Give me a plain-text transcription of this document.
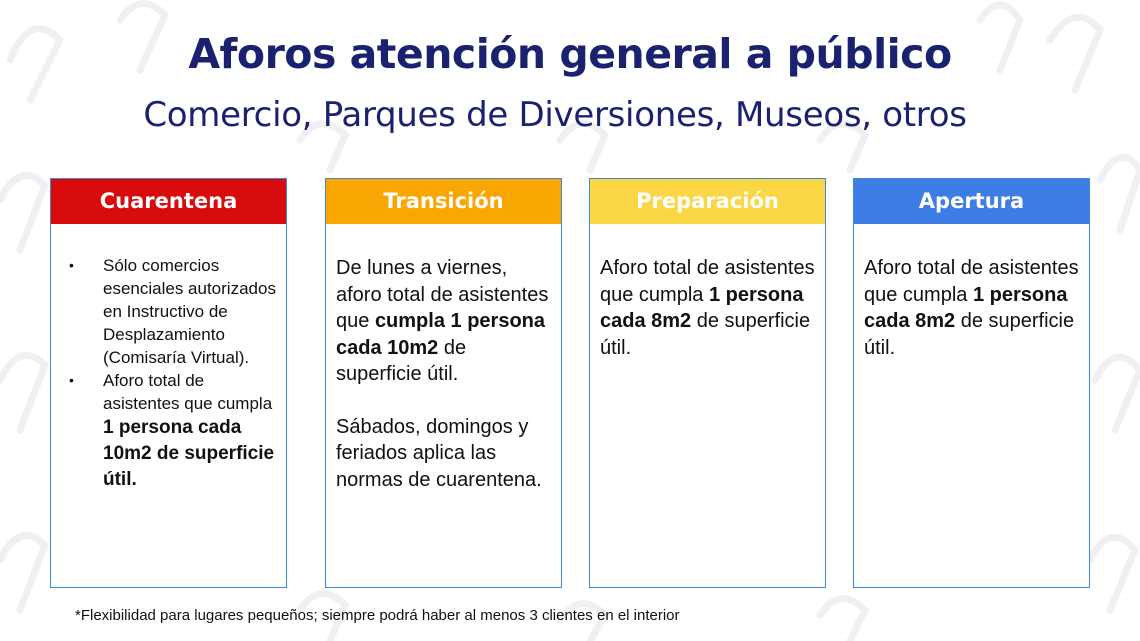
Aforos atención general a público
Comercio, Parques de Diversiones, Museos, otros
Cuarentena
• Sólo comercios esenciales autorizados en Instructivo de Desplazamiento (Comisaría Virtual).
• Aforo total de asistentes que cumpla 1 persona cada 10m2 de superficie útil.
Transición

De lunes a viernes, aforo total de asistentes que cumpla 1 persona cada 10m2 de superficie útil.

Sábados, domingos y feriados aplica las normas de cuarentena.

Preparación

Aforo total de asistentes que cumpla 1 persona cada 8m2 de superficie útil.

Apertura

Aforo total de asistentes que cumpla 1 persona cada 8m2 de superficie útil.

*Flexibilidad para lugares pequeños; siempre podrá haber al menos 3 clientes en el interior
